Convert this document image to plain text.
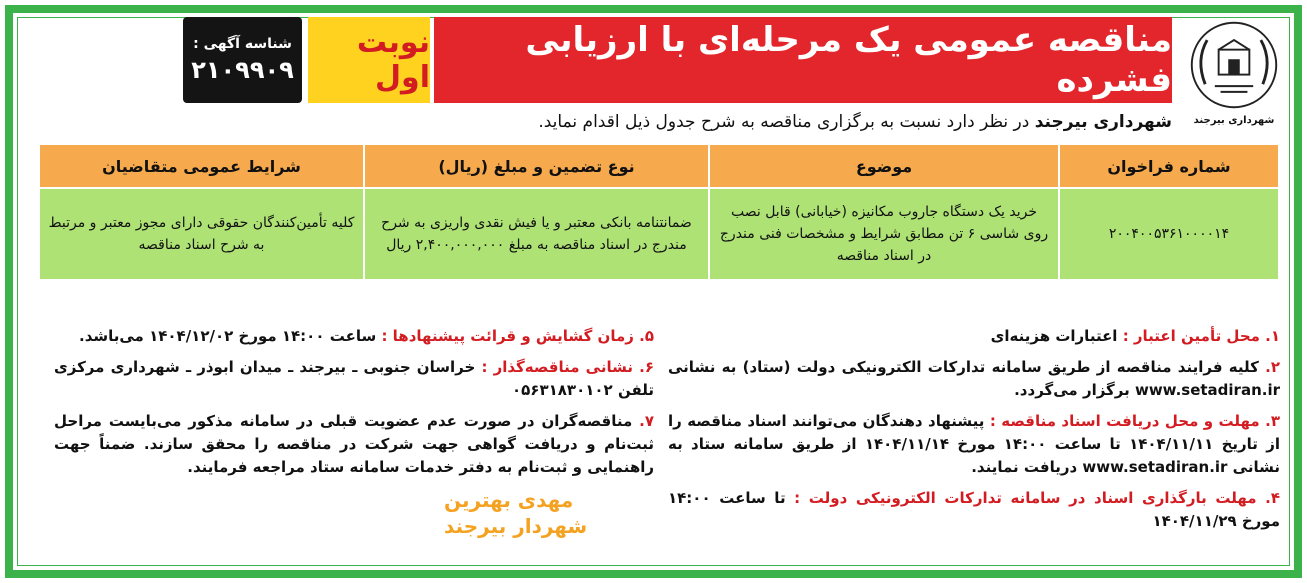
شهرداری بیرجند
مناقصه عمومی یک مرحله‌ای با ارزیابی فشرده
نوبت اول
شناسه آگهی :
۲۱۰۹۹۰۹
شهرداری بیرجند در نظر دارد نسبت به برگزاری مناقصه به شرح جدول ذیل اقدام نماید.
شماره فراخوان	موضوع	نوع تضمین و مبلغ (ریال)	شرایط عمومی متقاضیان
۲۰۰۴۰۰۵۳۶۱۰۰۰۰۱۴	خرید یک دستگاه جاروب مکانیزه (خیابانی) قابل نصب روی شاسی ۶ تن مطابق شرایط و مشخصات فنی مندرج در اسناد مناقصه	ضمانتنامه بانکی معتبر و یا فیش نقدی واریزی به شرح مندرج در اسناد مناقصه به مبلغ ۲,۴۰۰,۰۰۰,۰۰۰ ریال	کلیه تأمین‌کنندگان حقوقی دارای مجوز معتبر و مرتبط به شرح اسناد مناقصه
۱. محل تأمین اعتبار : اعتبارات هزینه‌ای
۲. کلیه فرایند مناقصه از طریق سامانه تدارکات الکترونیکی دولت (ستاد) به نشانی www.setadiran.ir برگزار می‌گردد.
۳. مهلت و محل دریافت اسناد مناقصه : پیشنهاد دهندگان می‌توانند اسناد مناقصه را از تاریخ ۱۴۰۴/۱۱/۱۱ تا ساعت ۱۴:۰۰ مورخ ۱۴۰۴/۱۱/۱۴ از طریق سامانه ستاد به نشانی www.setadiran.ir دریافت نمایند.
۴. مهلت بارگذاری اسناد در سامانه تدارکات الکترونیکی دولت : تا ساعت ۱۴:۰۰ مورخ ۱۴۰۴/۱۱/۲۹
۵. زمان گشایش و قرائت پیشنهادها : ساعت ۱۴:۰۰ مورخ ۱۴۰۴/۱۲/۰۲ می‌باشد.
۶. نشانی مناقصه‌گذار : خراسان جنوبی ـ بیرجند ـ میدان ابوذر ـ شهرداری مرکزی تلفن ۰۵۶۳۱۸۳۰۱۰۲
۷. مناقصه‌گران در صورت عدم عضویت قبلی در سامانه مذکور می‌بایست مراحل ثبت‌نام و دریافت گواهی جهت شرکت در مناقصه را محقق سازند. ضمناً جهت راهنمایی و ثبت‌نام به دفتر خدمات سامانه ستاد مراجعه فرمایند.
مهدی بهترین
شهردار بیرجند
